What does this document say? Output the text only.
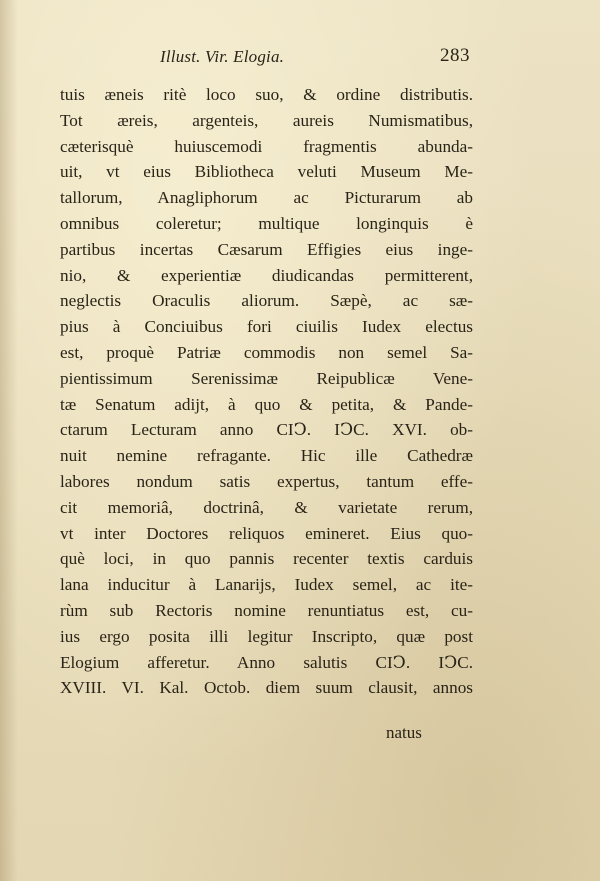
Illust. Vir. Elogia.	283
tuis æneis ritè loco suo, & ordine distributis.
Tot æreis, argenteis, aureis Numismatibus,
cæterisquè huiuscemodi fragmentis abunda-
uit, vt eius Bibliotheca veluti Museum Me-
tallorum, Anagliphorum ac Picturarum ab
omnibus coleretur; multique longinquis è
partibus incertas Cæsarum Effigies eius inge-
nio, & experientiæ diudicandas permitterent,
neglectis Oraculis aliorum. Sæpè, ac sæ-
pius à Conciuibus fori ciuilis Iudex electus
est, proquè Patriæ commodis non semel Sa-
pientissimum Serenissimæ Reipublicæ Vene-
tæ Senatum adijt, à quo & petita, & Pande-
ctarum Lecturam anno CIↃ. IↃC. XVI. ob-
nuit nemine refragante. Hic ille Cathedræ
labores nondum satis expertus, tantum effe-
cit memoriâ, doctrinâ, & varietate rerum,
vt inter Doctores reliquos emineret. Eius quo-
què loci, in quo pannis recenter textis carduis
lana inducitur à Lanarijs, Iudex semel, ac ite-
rùm sub Rectoris nomine renuntiatus est, cu-
ius ergo posita illi legitur Inscripto, quæ post
Elogium afferetur. Anno salutis CIↃ. IↃC.
XVIII. VI. Kal. Octob. diem suum clausit, annos
natus
